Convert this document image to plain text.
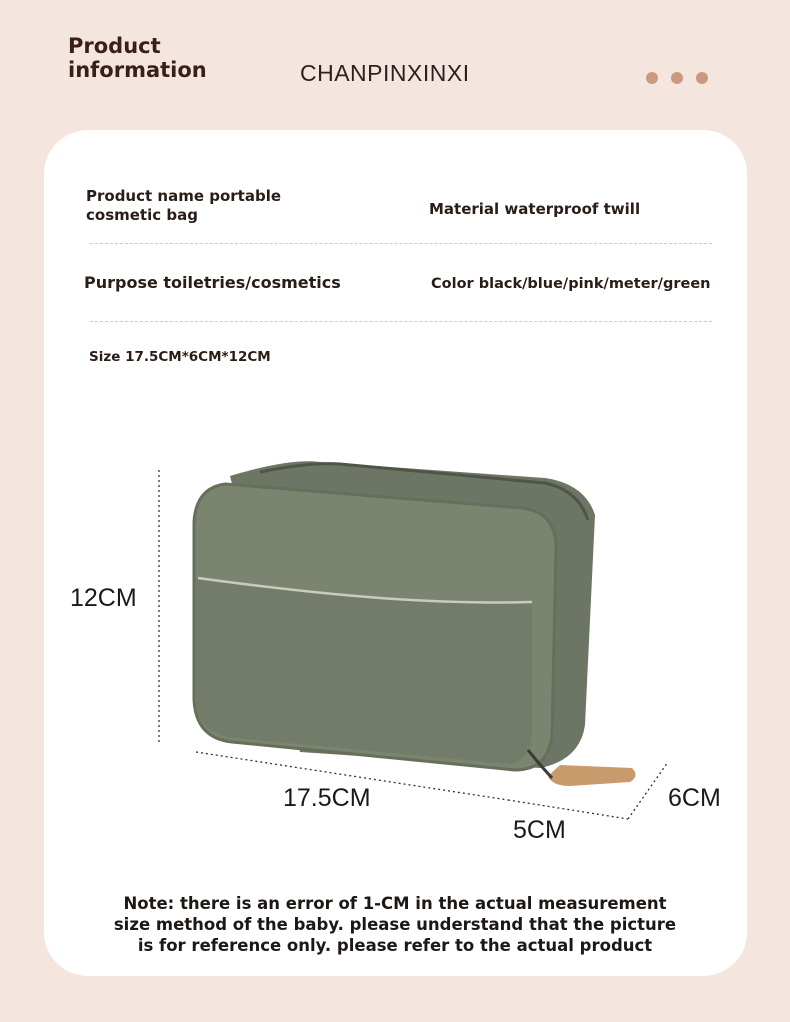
Product
information	CHANPINXINXI
Product name portable
cosmetic bag	Material waterproof twill
Purpose toiletries/cosmetics	Color black/blue/pink/meter/green
Size 17.5CM*6CM*12CM
12CM
17.5CM	6CM
5CM
Note: there is an error of 1-CM in the actual measurement
size method of the baby. please understand that the picture
is for reference only. please refer to the actual product
